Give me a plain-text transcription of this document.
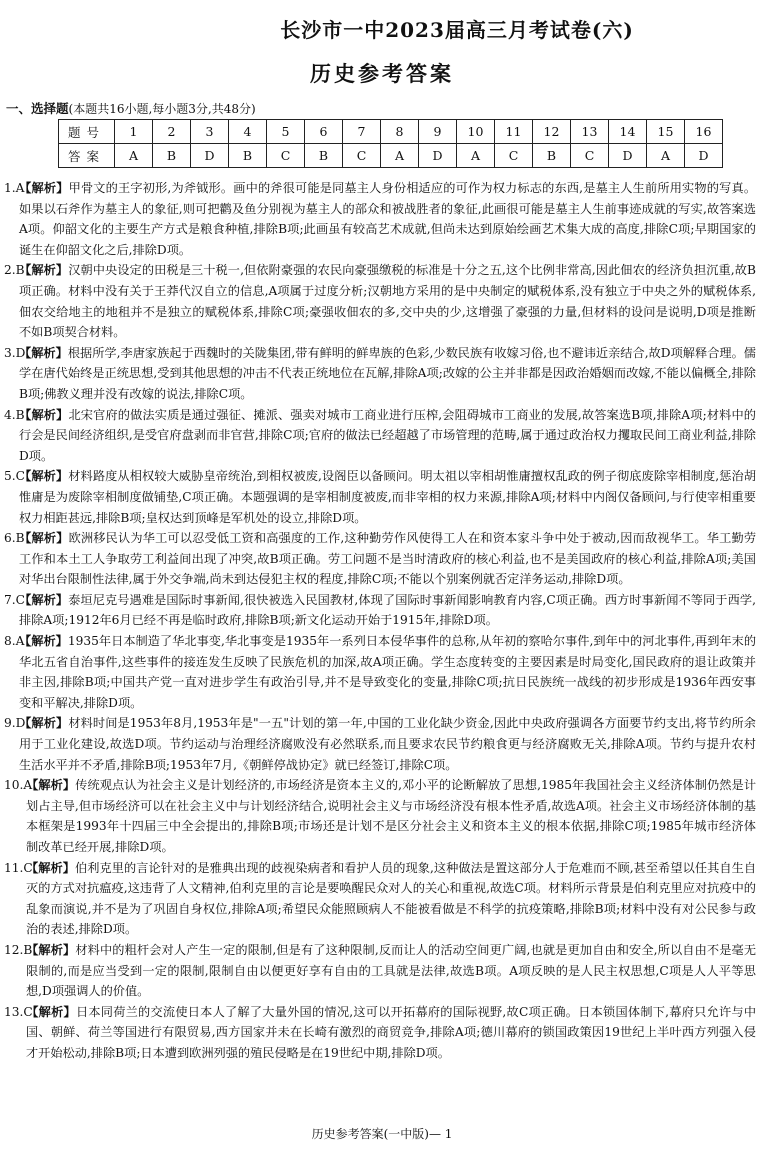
长沙市一中2023届高三月考试卷(六)
历史参考答案
一、选择题(本题共16小题,每小题3分,共48分)
题号	1	2	3	4	5	6	7	8	9	10	11	12	13	14	15	16
答案	A	B	D	B	C	B	C	A	D	A	C	B	C	D	A	D

1.A【解析】甲骨文的王字初形,为斧钺形。画中的斧很可能是同墓主人身份相适应的可作为权力标志的东西,是墓主人生前所用实物的写真。如果以石斧作为墓主人的象征,则可把鹳及鱼分别视为墓主人的部众和被战胜者的象征,此画很可能是墓主人生前事迹成就的写实,故答案选A项。仰韶文化的主要生产方式是粮食种植,排除B项;此画虽有较高艺术成就,但尚未达到原始绘画艺术集大成的高度,排除C项;早期国家的诞生在仰韶文化之后,排除D项。

2.B【解析】汉朝中央设定的田税是三十税一,但依附豪强的农民向豪强缴税的标准是十分之五,这个比例非常高,因此佃农的经济负担沉重,故B项正确。材料中没有关于王莽代汉自立的信息,A项属于过度分析;汉朝地方采用的是中央制定的赋税体系,没有独立于中央之外的赋税体系,佃农交给地主的地租并不是独立的赋税体系,排除C项;豪强收佃农的多,交中央的少,这增强了豪强的力量,但材料的设问是说明,D项是推断不如B项契合材料。

3.D【解析】根据所学,李唐家族起于西魏时的关陇集团,带有鲜明的鲜卑族的色彩,少数民族有收嫁习俗,也不避讳近亲结合,故D项解释合理。儒学在唐代始终是正统思想,受到其他思想的冲击不代表正统地位在瓦解,排除A项;改嫁的公主并非都是因政治婚姻而改嫁,不能以偏概全,排除B项;佛教义理并没有改嫁的说法,排除C项。

4.B【解析】北宋官府的做法实质是通过强征、摊派、强卖对城市工商业进行压榨,会阻碍城市工商业的发展,故答案选B项,排除A项;材料中的行会是民间经济组织,是受官府盘剥而非官营,排除C项;官府的做法已经超越了市场管理的范畴,属于通过政治权力攫取民间工商业利益,排除D项。

5.C【解析】材料路度从相权较大威胁皇帝统治,到相权被废,设阁臣以备顾问。明太祖以宰相胡惟庸擅权乱政的例子彻底废除宰相制度,惩治胡惟庸是为废除宰相制度做铺垫,C项正确。本题强调的是宰相制度被废,而非宰相的权力来源,排除A项;材料中内阁仅备顾问,与行使宰相重要权力相距甚远,排除B项;皇权达到顶峰是军机处的设立,排除D项。

6.B【解析】欧洲移民认为华工可以忍受低工资和高强度的工作,这种勤劳作风使得工人在和资本家斗争中处于被动,因而敌视华工。华工勤劳工作和本土工人争取劳工利益间出现了冲突,故B项正确。劳工问题不是当时清政府的核心利益,也不是美国政府的核心利益,排除A项;美国对华出台限制性法律,属于外交争端,尚未到达侵犯主权的程度,排除C项;不能以个别案例就否定洋务运动,排除D项。

7.C【解析】泰垣尼克号遇难是国际时事新闻,很快被选入民国教材,体现了国际时事新闻影响教育内容,C项正确。西方时事新闻不等同于西学,排除A项;1912年6月已经不再是临时政府,排除B项;新文化运动开始于1915年,排除D项。

8.A【解析】1935年日本制造了华北事变,华北事变是1935年一系列日本侵华事件的总称,从年初的察哈尔事件,到年中的河北事件,再到年末的华北五省自治事件,这些事件的接连发生反映了民族危机的加深,故A项正确。学生态度转变的主要因素是时局变化,国民政府的退让政策并非主因,排除B项;中国共产党一直对进步学生有政治引导,并不是导致变化的变量,排除C项;抗日民族统一战线的初步形成是1936年西安事变和平解决,排除D项。

9.D【解析】材料时间是1953年8月,1953年是"一五"计划的第一年,中国的工业化缺少资金,因此中央政府强调各方面要节约支出,将节约所余用于工业化建设,故选D项。节约运动与治理经济腐败没有必然联系,而且要求农民节约粮食更与经济腐败无关,排除A项。节约与提升农村生活水平并不矛盾,排除B项;1953年7月,《朝鲜停战协定》就已经签订,排除C项。

10.A【解析】传统观点认为社会主义是计划经济的,市场经济是资本主义的,邓小平的论断解放了思想,1985年我国社会主义经济体制仍然是计划占主导,但市场经济可以在社会主义中与计划经济结合,说明社会主义与市场经济没有根本性矛盾,故选A项。社会主义市场经济体制的基本框架是1993年十四届三中全会提出的,排除B项;市场还是计划不是区分社会主义和资本主义的根本依据,排除C项;1985年城市经济体制改革已经开展,排除D项。

11.C【解析】伯利克里的言论针对的是雅典出现的歧视染病者和看护人员的现象,这种做法是置这部分人于危难而不顾,甚至希望以任其自生自灭的方式对抗瘟疫,这违背了人文精神,伯利克里的言论是要唤醒民众对人的关心和重视,故选C项。材料所示背景是伯利克里应对抗疫中的乱象而演说,并不是为了巩固自身权位,排除A项;希望民众能照顾病人不能被看做是不科学的抗疫策略,排除B项;材料中没有对公民参与政治的表述,排除D项。

12.B【解析】材料中的粗杆会对人产生一定的限制,但是有了这种限制,反而让人的活动空间更广阔,也就是更加自由和安全,所以自由不是毫无限制的,而是应当受到一定的限制,限制自由以便更好享有自由的工具就是法律,故选B项。A项反映的是人民主权思想,C项是人人平等思想,D项强调人的价值。

13.C【解析】日本同荷兰的交流使日本人了解了大量外国的情况,这可以开拓幕府的国际视野,故C项正确。日本锁国体制下,幕府只允许与中国、朝鲜、荷兰等国进行有限贸易,西方国家并未在长崎有激烈的商贸竞争,排除A项;德川幕府的锁国政策因19世纪上半叶西方列强入侵才开始松动,排除B项;日本遭到欧洲列强的殖民侵略是在19世纪中期,排除D项。

历史参考答案(一中版)— 1
